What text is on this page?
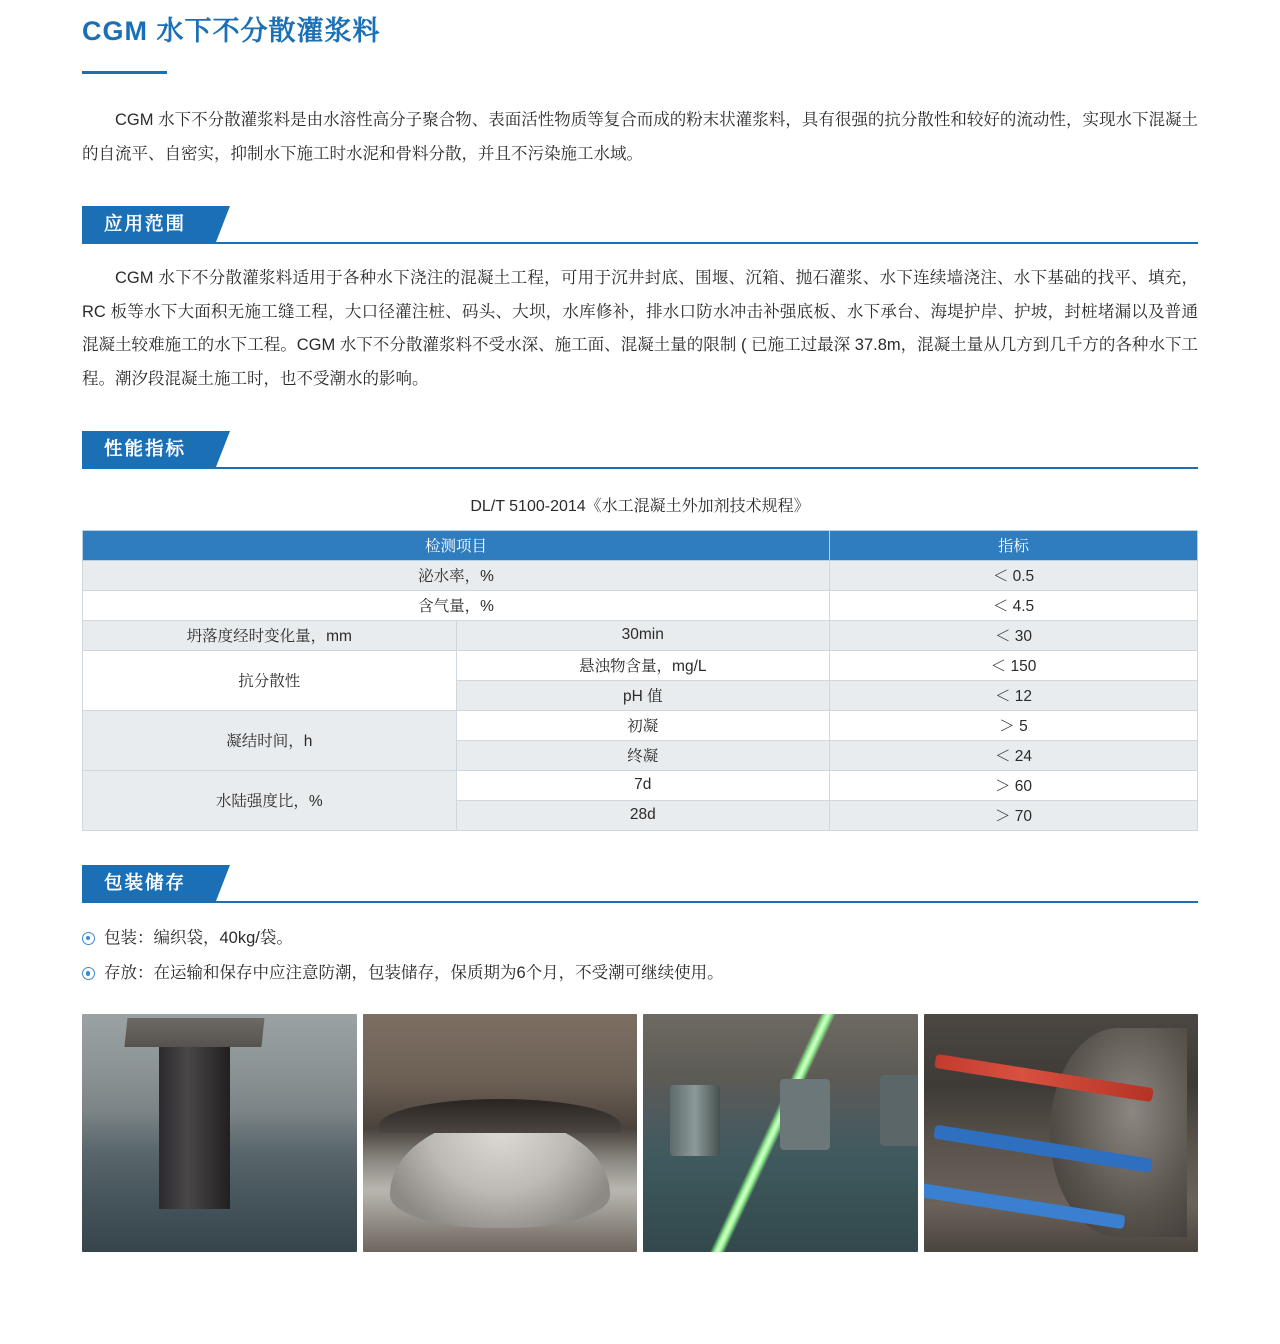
CGM 水下不分散灌浆料

CGM 水下不分散灌浆料是由水溶性高分子聚合物、表面活性物质等复合而成的粉末状灌浆料，具有很强的抗分散性和较好的流动性，实现水下混凝土的自流平、自密实，抑制水下施工时水泥和骨料分散，并且不污染施工水域。

应用范围

CGM 水下不分散灌浆料适用于各种水下浇注的混凝土工程，可用于沉井封底、围堰、沉箱、抛石灌浆、水下连续墙浇注、水下基础的找平、填充，RC 板等水下大面积无施工缝工程，大口径灌注桩、码头、大坝，水库修补，排水口防水冲击补强底板、水下承台、海堤护岸、护坡，封桩堵漏以及普通混凝土较难施工的水下工程。CGM 水下不分散灌浆料不受水深、施工面、混凝土量的限制 ( 已施工过最深 37.8m，混凝土量从几方到几千方的各种水下工程。潮汐段混凝土施工时，也不受潮水的影响。

性能指标
DL/T 5100-2014《水工混凝土外加剂技术规程》
检测项目		指标
泌水率，%		＜ 0.5
含气量，%		＜ 4.5
坍落度经时变化量，mm	30min	＜ 30
抗分散性	悬浊物含量，mg/L	＜ 150
	pH 值	＜ 12
凝结时间，h	初凝	＞ 5
	终凝	＜ 24
水陆强度比，%	7d	＞ 60
	28d	＞ 70
包装储存
包装：编织袋，40kg/袋。
存放：在运输和保存中应注意防潮，包装储存，保质期为6个月，不受潮可继续使用。
